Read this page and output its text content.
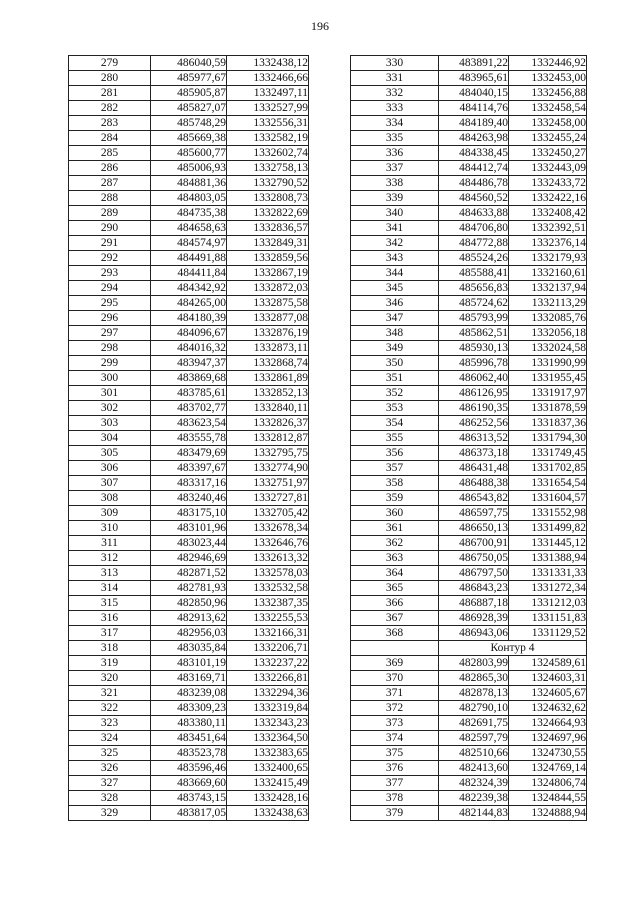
196
279	486040,59	1332438,12
280	485977,67	1332466,66
281	485905,87	1332497,11
282	485827,07	1332527,99
283	485748,29	1332556,31
284	485669,38	1332582,19
285	485600,77	1332602,74
286	485006,93	1332758,13
287	484881,36	1332790,52
288	484803,05	1332808,73
289	484735,38	1332822,69
290	484658,63	1332836,57
291	484574,97	1332849,31
292	484491,88	1332859,56
293	484411,84	1332867,19
294	484342,92	1332872,03
295	484265,00	1332875,58
296	484180,39	1332877,08
297	484096,67	1332876,19
298	484016,32	1332873,11
299	483947,37	1332868,74
300	483869,68	1332861,89
301	483785,61	1332852,13
302	483702,77	1332840,11
303	483623,54	1332826,37
304	483555,78	1332812,87
305	483479,69	1332795,75
306	483397,67	1332774,90
307	483317,16	1332751,97
308	483240,46	1332727,81
309	483175,10	1332705,42
310	483101,96	1332678,34
311	483023,44	1332646,76
312	482946,69	1332613,32
313	482871,52	1332578,03
314	482781,93	1332532,58
315	482850,96	1332387,35
316	482913,62	1332255,53
317	482956,03	1332166,31
318	483035,84	1332206,71
319	483101,19	1332237,22
320	483169,71	1332266,81
321	483239,08	1332294,36
322	483309,23	1332319,84
323	483380,11	1332343,23
324	483451,64	1332364,50
325	483523,78	1332383,65
326	483596,46	1332400,65
327	483669,60	1332415,49
328	483743,15	1332428,16
329	483817,05	1332438,63
330	483891,22	1332446,92
331	483965,61	1332453,00
332	484040,15	1332456,88
333	484114,76	1332458,54
334	484189,40	1332458,00
335	484263,98	1332455,24
336	484338,45	1332450,27
337	484412,74	1332443,09
338	484486,78	1332433,72
339	484560,52	1332422,16
340	484633,88	1332408,42
341	484706,80	1332392,51
342	484772,88	1332376,14
343	485524,26	1332179,93
344	485588,41	1332160,61
345	485656,83	1332137,94
346	485724,62	1332113,29
347	485793,99	1332085,76
348	485862,51	1332056,18
349	485930,13	1332024,58
350	485996,78	1331990,99
351	486062,40	1331955,45
352	486126,95	1331917,97
353	486190,35	1331878,59
354	486252,56	1331837,36
355	486313,52	1331794,30
356	486373,18	1331749,45
357	486431,48	1331702,85
358	486488,38	1331654,54
359	486543,82	1331604,57
360	486597,75	1331552,98
361	486650,13	1331499,82
362	486700,91	1331445,12
363	486750,05	1331388,94
364	486797,50	1331331,33
365	486843,23	1331272,34
366	486887,18	1331212,03
367	486928,39	1331151,83
368	486943,06	1331129,52
	Контур 4	
369	482803,99	1324589,61
370	482865,30	1324603,31
371	482878,13	1324605,67
372	482790,10	1324632,62
373	482691,75	1324664,93
374	482597,79	1324697,96
375	482510,66	1324730,55
376	482413,60	1324769,14
377	482324,39	1324806,74
378	482239,38	1324844,55
379	482144,83	1324888,94
